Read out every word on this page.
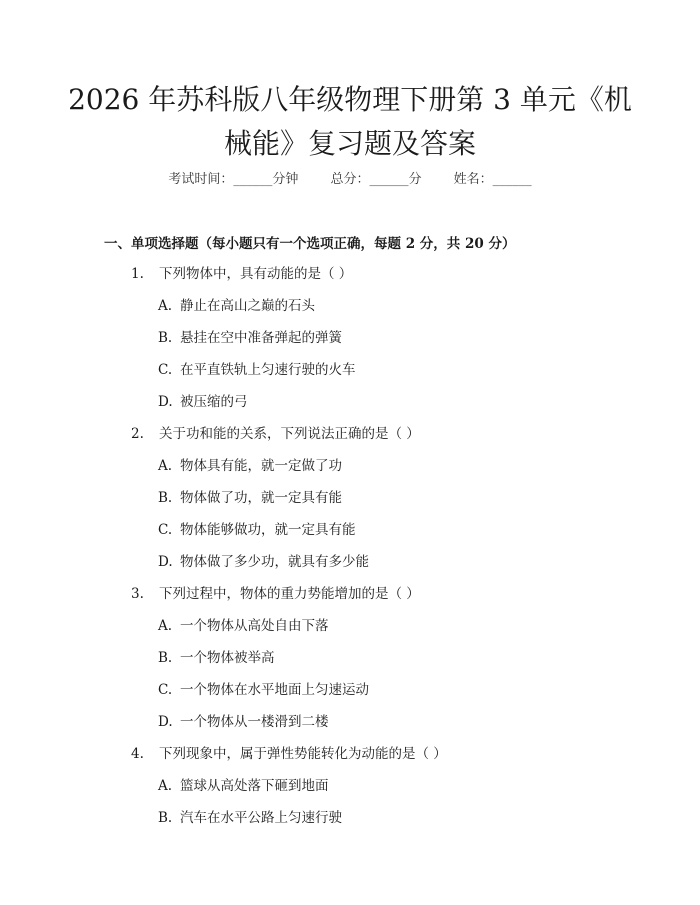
2026 年苏科版八年级物理下册第 3 单元《机
械能》复习题及答案
考试时间：______分钟 总分：______分 姓名：______
一、单项选择题（每小题只有一个选项正确，每题 2 分，共 20 分）
1. 下列物体中，具有动能的是（ ）
A. 静止在高山之巅的石头
B. 悬挂在空中准备弹起的弹簧
C. 在平直铁轨上匀速行驶的火车
D. 被压缩的弓
2. 关于功和能的关系，下列说法正确的是（ ）
A. 物体具有能，就一定做了功
B. 物体做了功，就一定具有能
C. 物体能够做功，就一定具有能
D. 物体做了多少功，就具有多少能
3. 下列过程中，物体的重力势能增加的是（ ）
A. 一个物体从高处自由下落
B. 一个物体被举高
C. 一个物体在水平地面上匀速运动
D. 一个物体从一楼滑到二楼
4. 下列现象中，属于弹性势能转化为动能的是（ ）
A. 篮球从高处落下砸到地面
B. 汽车在水平公路上匀速行驶
